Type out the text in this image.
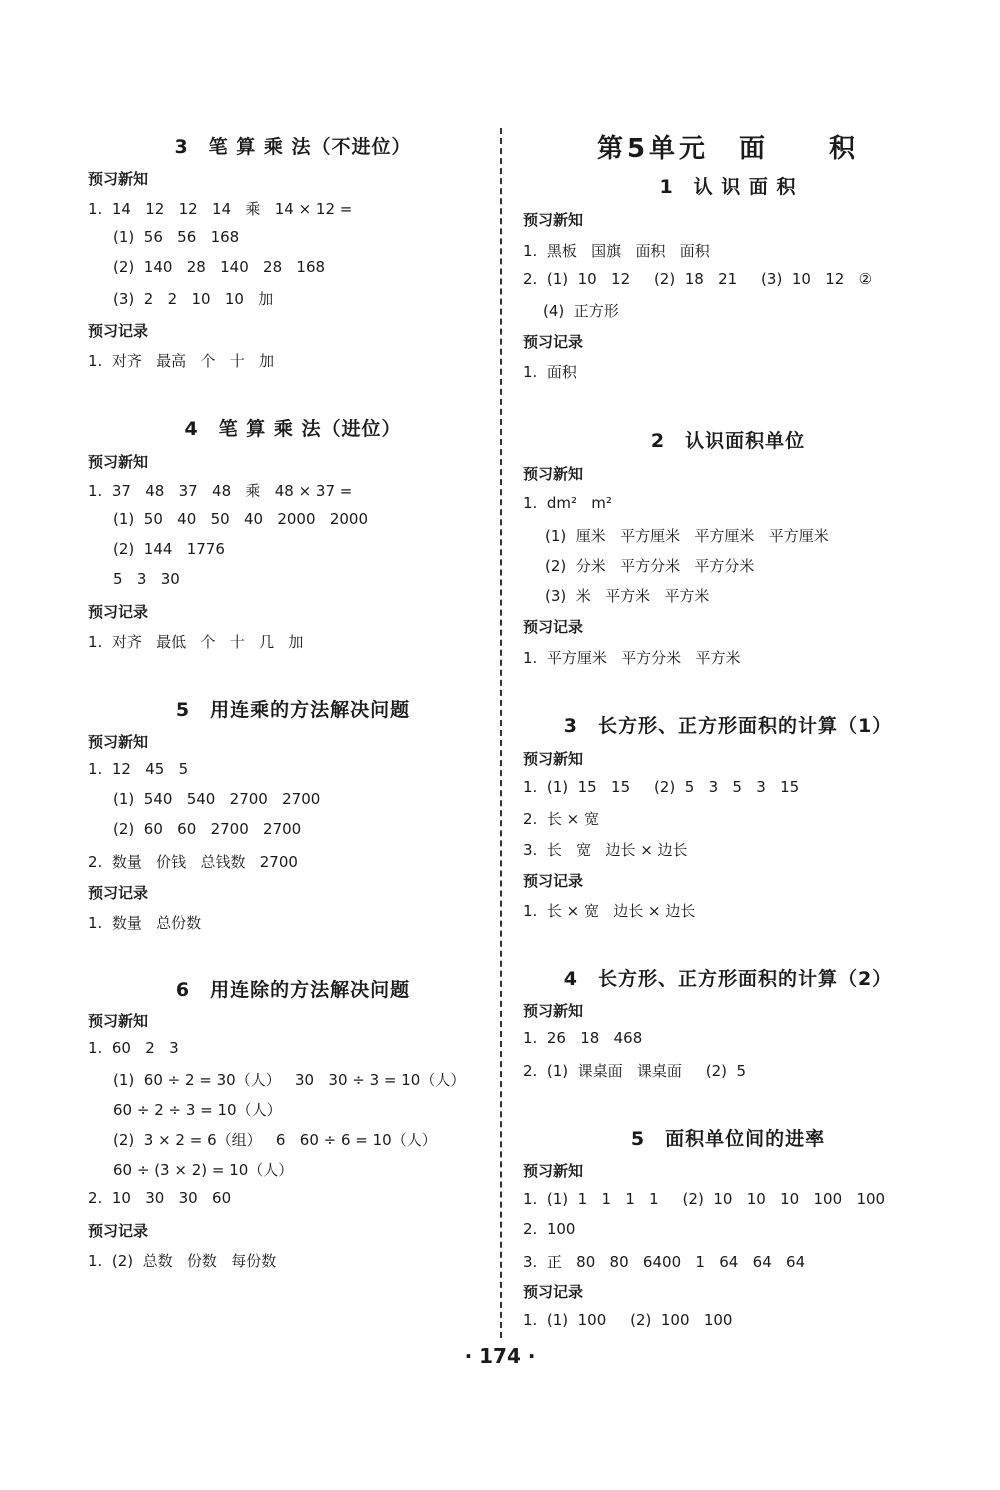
3　笔 算 乘 法（不进位）
预习新知
1.  14   12   12   14   乘   14 × 12 =
(1)  56   56   168
(2)  140   28   140   28   168
(3)  2   2   10   10   加
预习记录
1.  对齐   最高   个   十   加
4　笔 算 乘 法（进位）
预习新知
1.  37   48   37   48   乘   48 × 37 =
(1)  50   40   50   40   2000   2000
(2)  144   1776
5   3   30
预习记录
1.  对齐   最低   个   十   几   加
5　用连乘的方法解决问题
预习新知
1.  12   45   5
(1)  540   540   2700   2700
(2)  60   60   2700   2700
2.  数量   价钱   总钱数   2700
预习记录
1.  数量   总份数
6　用连除的方法解决问题
预习新知
1.  60   2   3
(1)  60 ÷ 2 = 30（人）   30   30 ÷ 3 = 10（人）
60 ÷ 2 ÷ 3 = 10（人）
(2)  3 × 2 = 6（组）   6   60 ÷ 6 = 10（人）
60 ÷ (3 × 2) = 10（人）
2.  10   30   30   60
预习记录
1.  (2)  总数   份数   每份数
第5单元　面　　积
1　认 识 面 积
预习新知
1.  黑板   国旗   面积   面积
2.  (1)  10   12     (2)  18   21     (3)  10   12   ②
(4)  正方形
预习记录
1.  面积
2　认识面积单位
预习新知
1.  dm²   m²
(1)  厘米   平方厘米   平方厘米   平方厘米
(2)  分米   平方分米   平方分米
(3)  米   平方米   平方米
预习记录
1.  平方厘米   平方分米   平方米
3　长方形、正方形面积的计算（1）
预习新知
1.  (1)  15   15     (2)  5   3   5   3   15
2.  长 × 宽
3.  长   宽   边长 × 边长
预习记录
1.  长 × 宽   边长 × 边长
4　长方形、正方形面积的计算（2）
预习新知
1.  26   18   468
2.  (1)  课桌面   课桌面     (2)  5
5　面积单位间的进率
预习新知
1.  (1)  1   1   1   1     (2)  10   10   10   100   100
2.  100
3.  正   80   80   6400   1   64   64   64
预习记录
1.  (1)  100     (2)  100   100
· 174 ·
